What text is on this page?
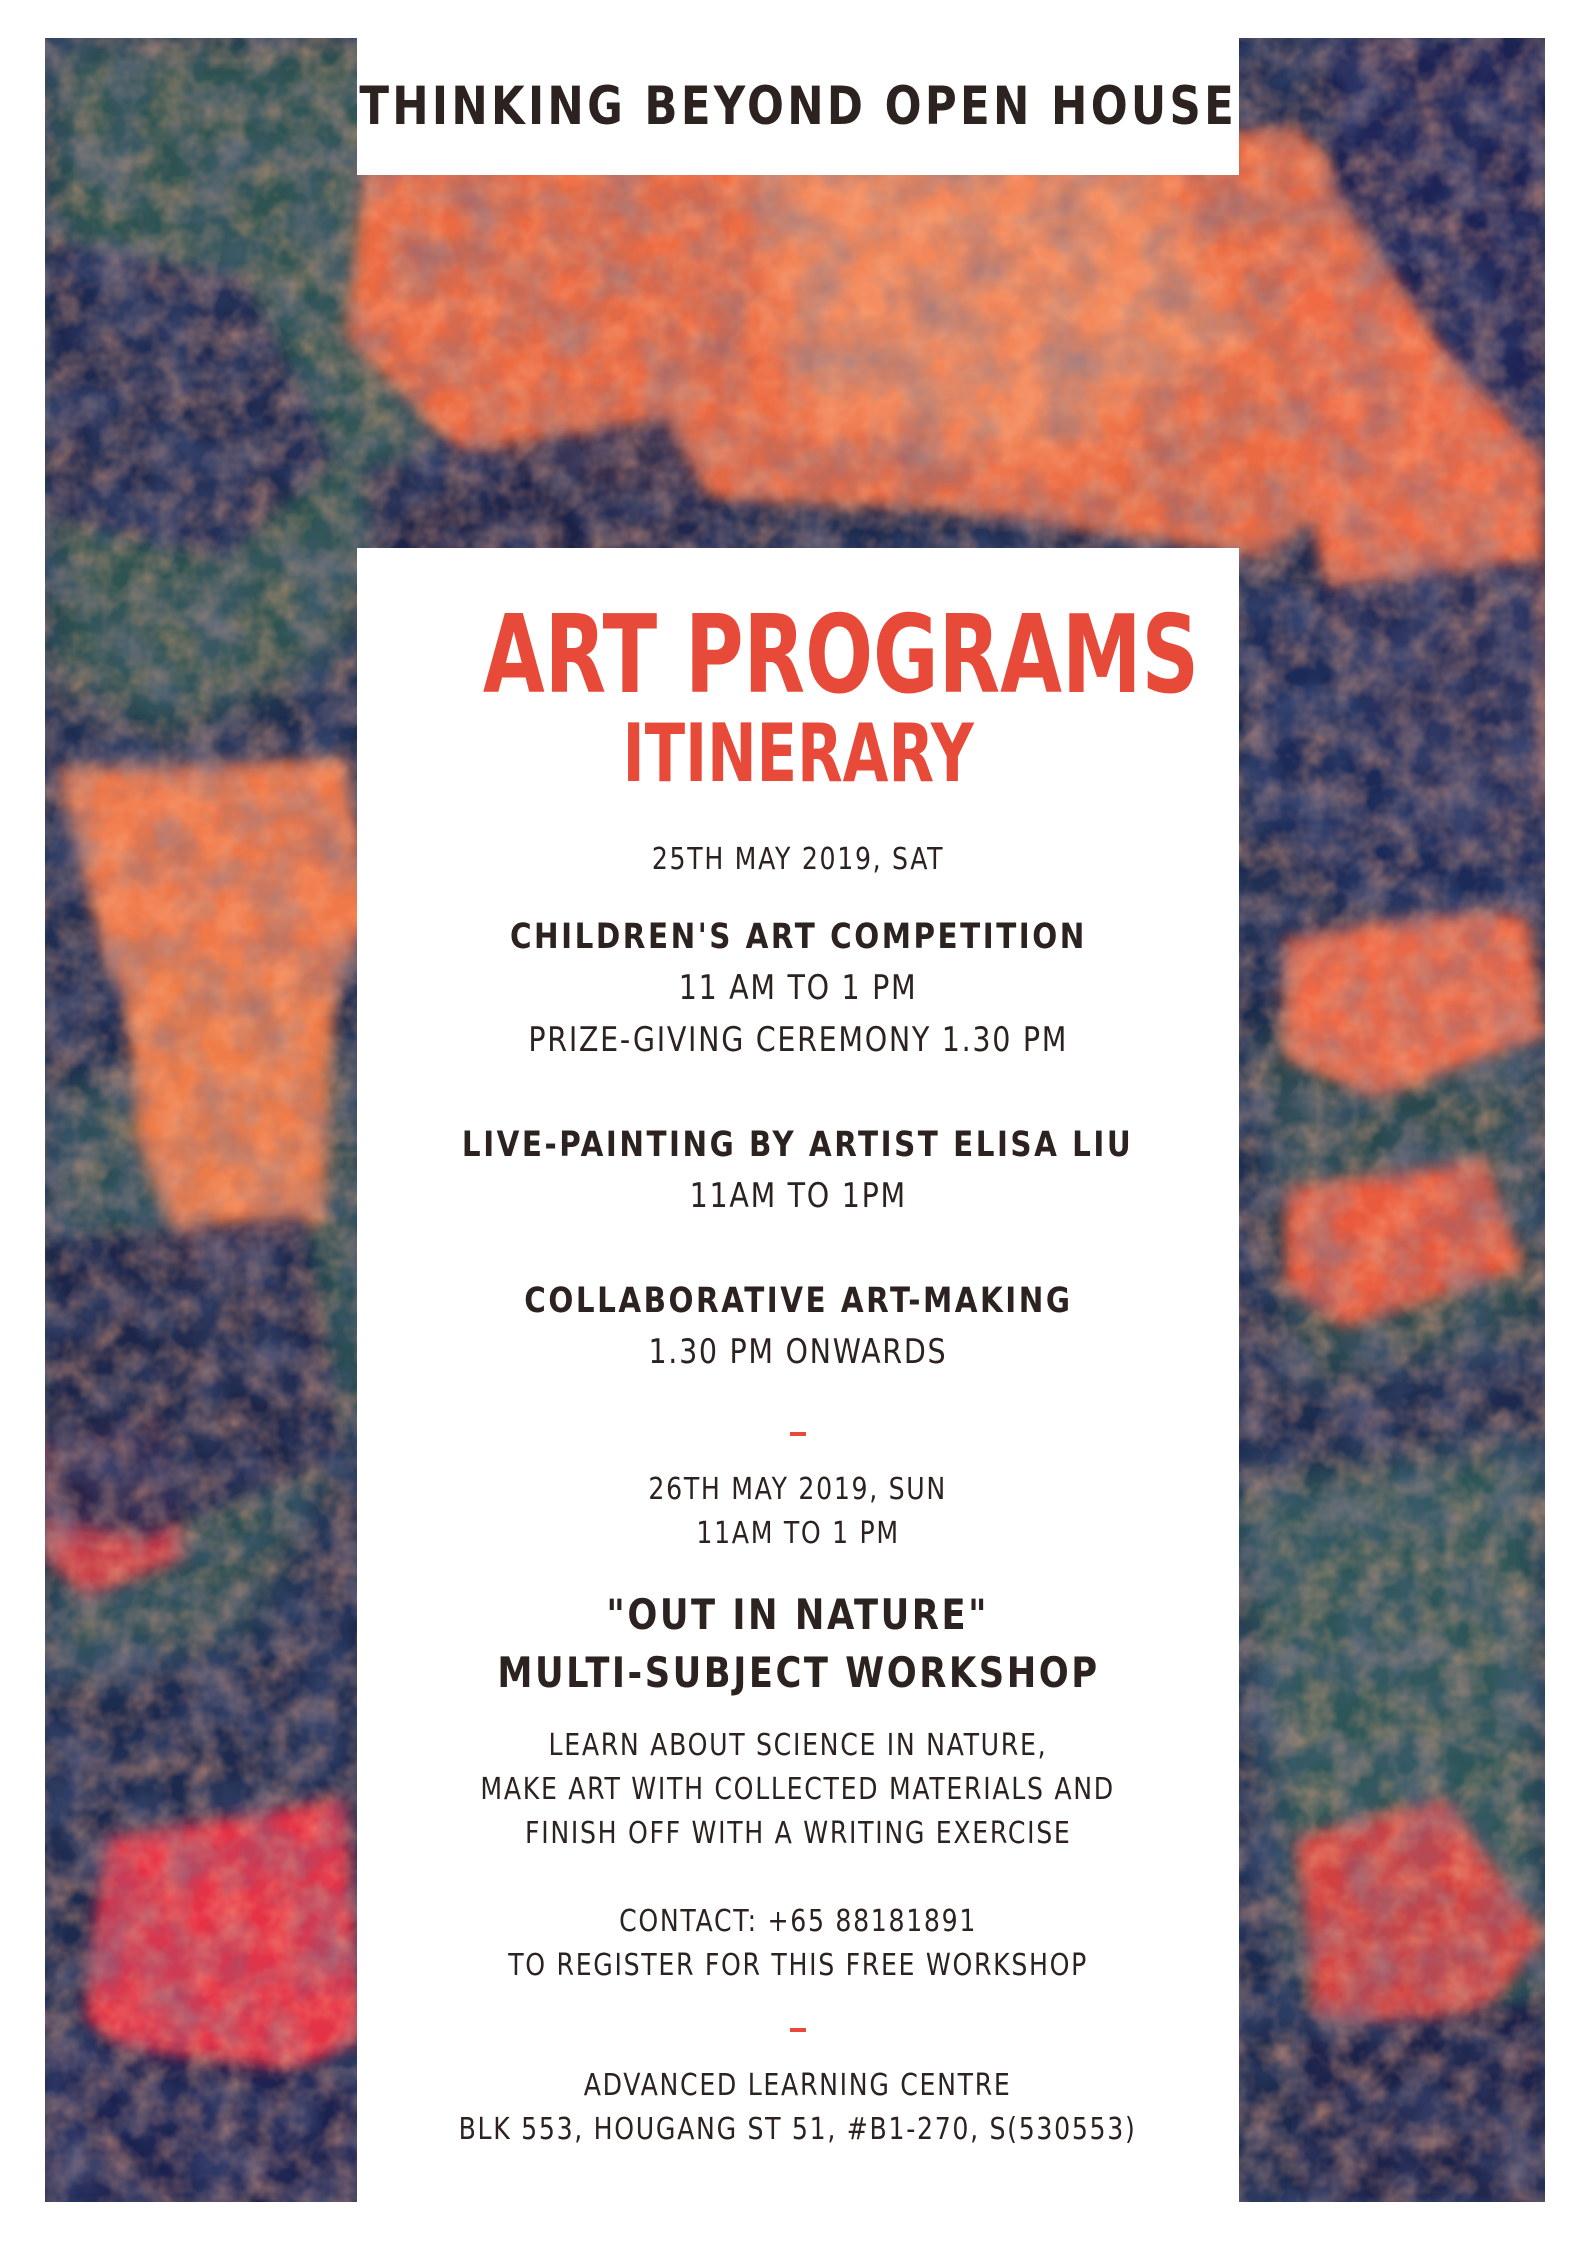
THINKING BEYOND OPEN HOUSE
ART PROGRAMS
ITINERARY
25TH MAY 2019, SAT
CHILDREN'S ART COMPETITION
11 AM TO 1 PM
PRIZE-GIVING CEREMONY 1.30 PM
LIVE-PAINTING BY ARTIST ELISA LIU
11AM TO 1PM
COLLABORATIVE ART-MAKING
1.30 PM ONWARDS
26TH MAY 2019, SUN
11AM TO 1 PM
"OUT IN NATURE"
MULTI-SUBJECT WORKSHOP
LEARN ABOUT SCIENCE IN NATURE,
MAKE ART WITH COLLECTED MATERIALS AND
FINISH OFF WITH A WRITING EXERCISE
CONTACT: +65 88181891
TO REGISTER FOR THIS FREE WORKSHOP
ADVANCED LEARNING CENTRE
BLK 553, HOUGANG ST 51, #B1-270, S(530553)
